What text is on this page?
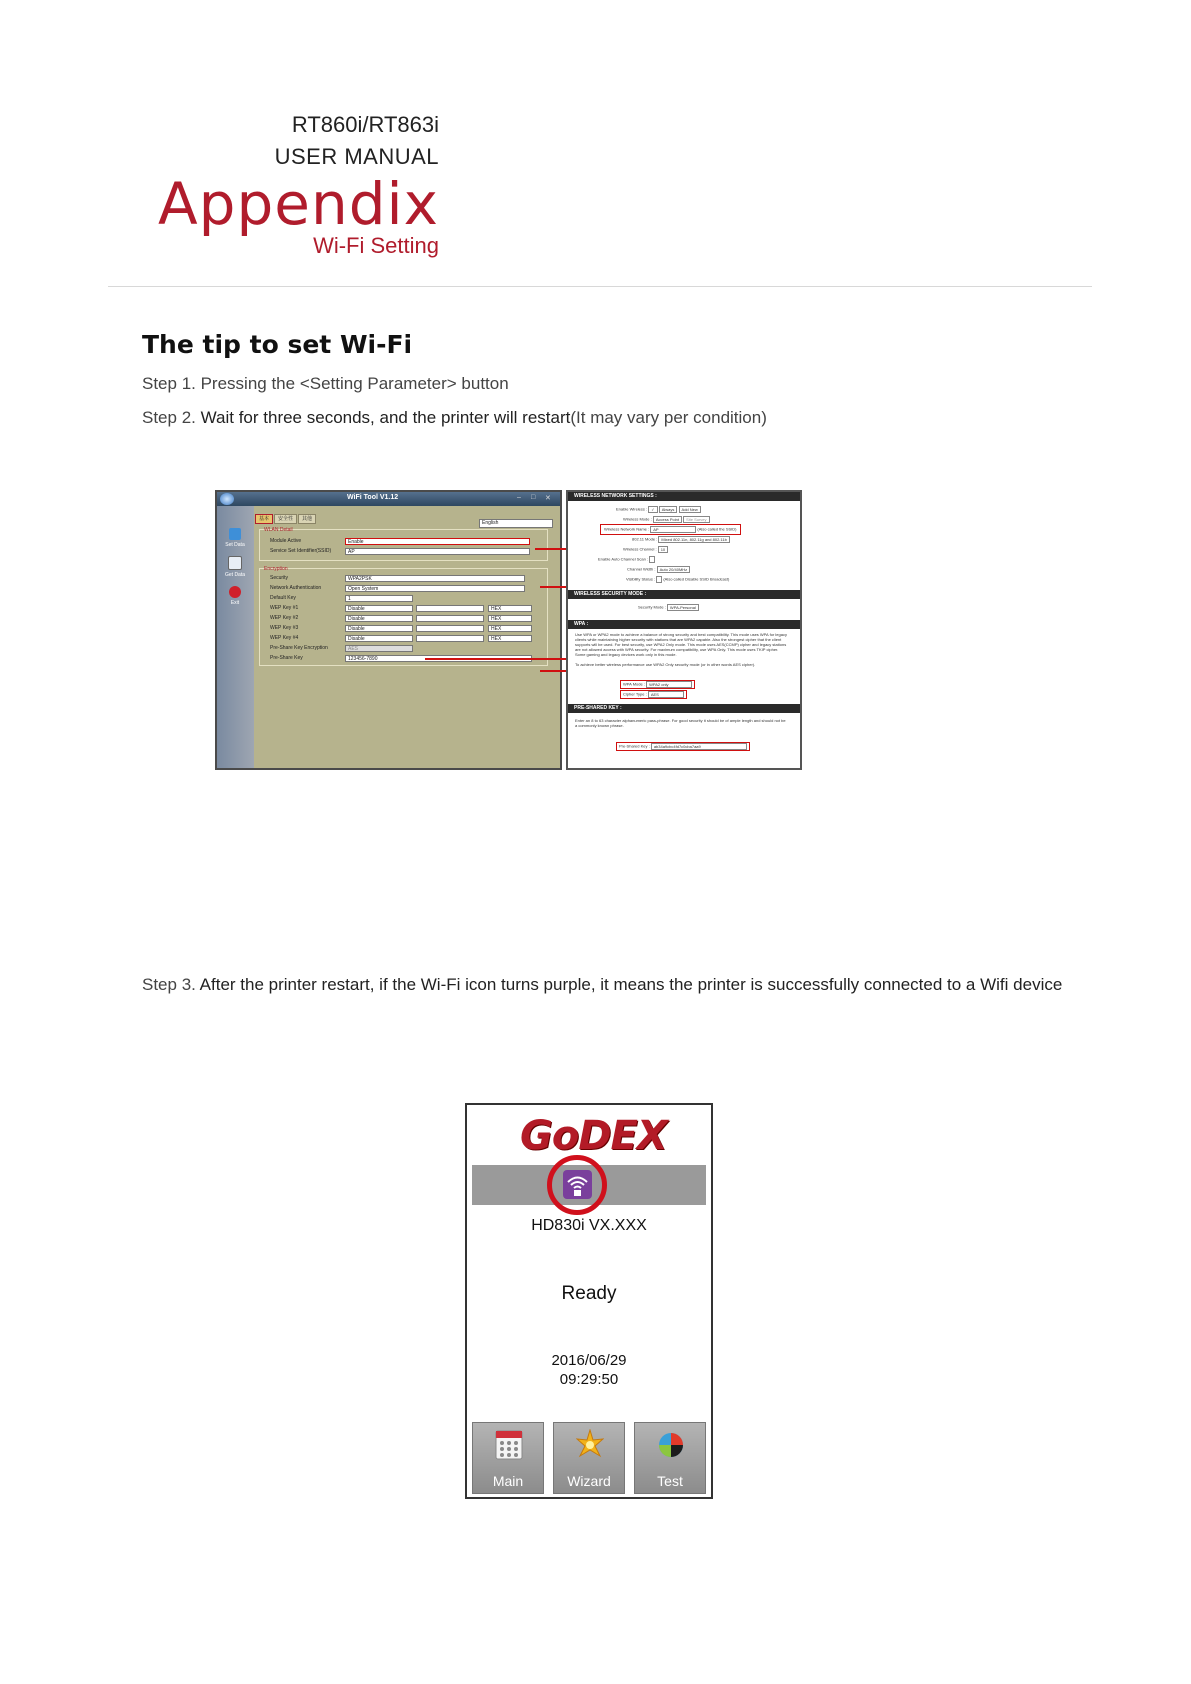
RT860i/RT863i
USER MANUAL
Appendix
Wi-Fi Setting
The tip to set Wi-Fi
Step 1. Pressing the <Setting Parameter> button
Step 2. Wait for three seconds, and the printer will restart(It may vary per condition)
Step 3. After the printer restart, if the Wi-Fi icon turns purple, it means the printer is successfully connected to a Wifi device
WiFi Tool V1.12	– □ ✕
Set Data
Get Data
Exit
基本 安全性 其他
English
WLAN Detail
Module Active	Enable
Service Set Identifier(SSID)	AP
Encryption
Security	WPA2PSK
Network Authentication	Open System
Default Key	1
WEP Key #1	Disable	HEX
WEP Key #2	Disable	HEX
WEP Key #3	Disable	HEX
WEP Key #4	Disable	HEX
Pre-Share Key Encryption	AES
Pre-Share Key	123456-7890
WIRELESS NETWORK SETTINGS :
Enable Wireless : ✓ Always Add New
Wireless Mode : Access Point Site Survey
Wireless Network Name : AP	(Also called the SSID)
802.11 Mode : Mixed 802.11n, 802.11g and 802.11b
Wireless Channel : 10
Enable Auto Channel Scan :
Channel Width : Auto 20/40MHz
Visibility Status : (Also called Disable SSID Broadcast)
WIRELESS SECURITY MODE :
Security Mode : WPA-Personal
WPA :
Use WPA or WPA2 mode to achieve a balance of strong security and best compatibility. This mode uses WPA for legacy clients while maintaining higher security with stations that are WPA2 capable. Also the strongest cipher that the client supports will be used. For best security, use WPA2 Only mode. This mode uses AES(CCMP) cipher and legacy stations are not allowed access with WPA security. For maximum compatibility, use WPA Only. This mode uses TKIP cipher. Some gaming and legacy devices work only in this mode.
To achieve better wireless performance use WPA2 Only security mode (or in other words AES cipher).
WPA Mode : WPA2 only
Cipher Type : AES
PRE-SHARED KEY :
Enter an 8 to 63 character alphanumeric pass-phrase. For good security it should be of ample length and should not be a commonly known phrase.
Pre-Shared Key : ab34a9cbc4fd7c0cba7aa9
GoDEX
HD830i VX.XXX
Ready
2016/06/29
09:29:50
Main	Wizard	Test
